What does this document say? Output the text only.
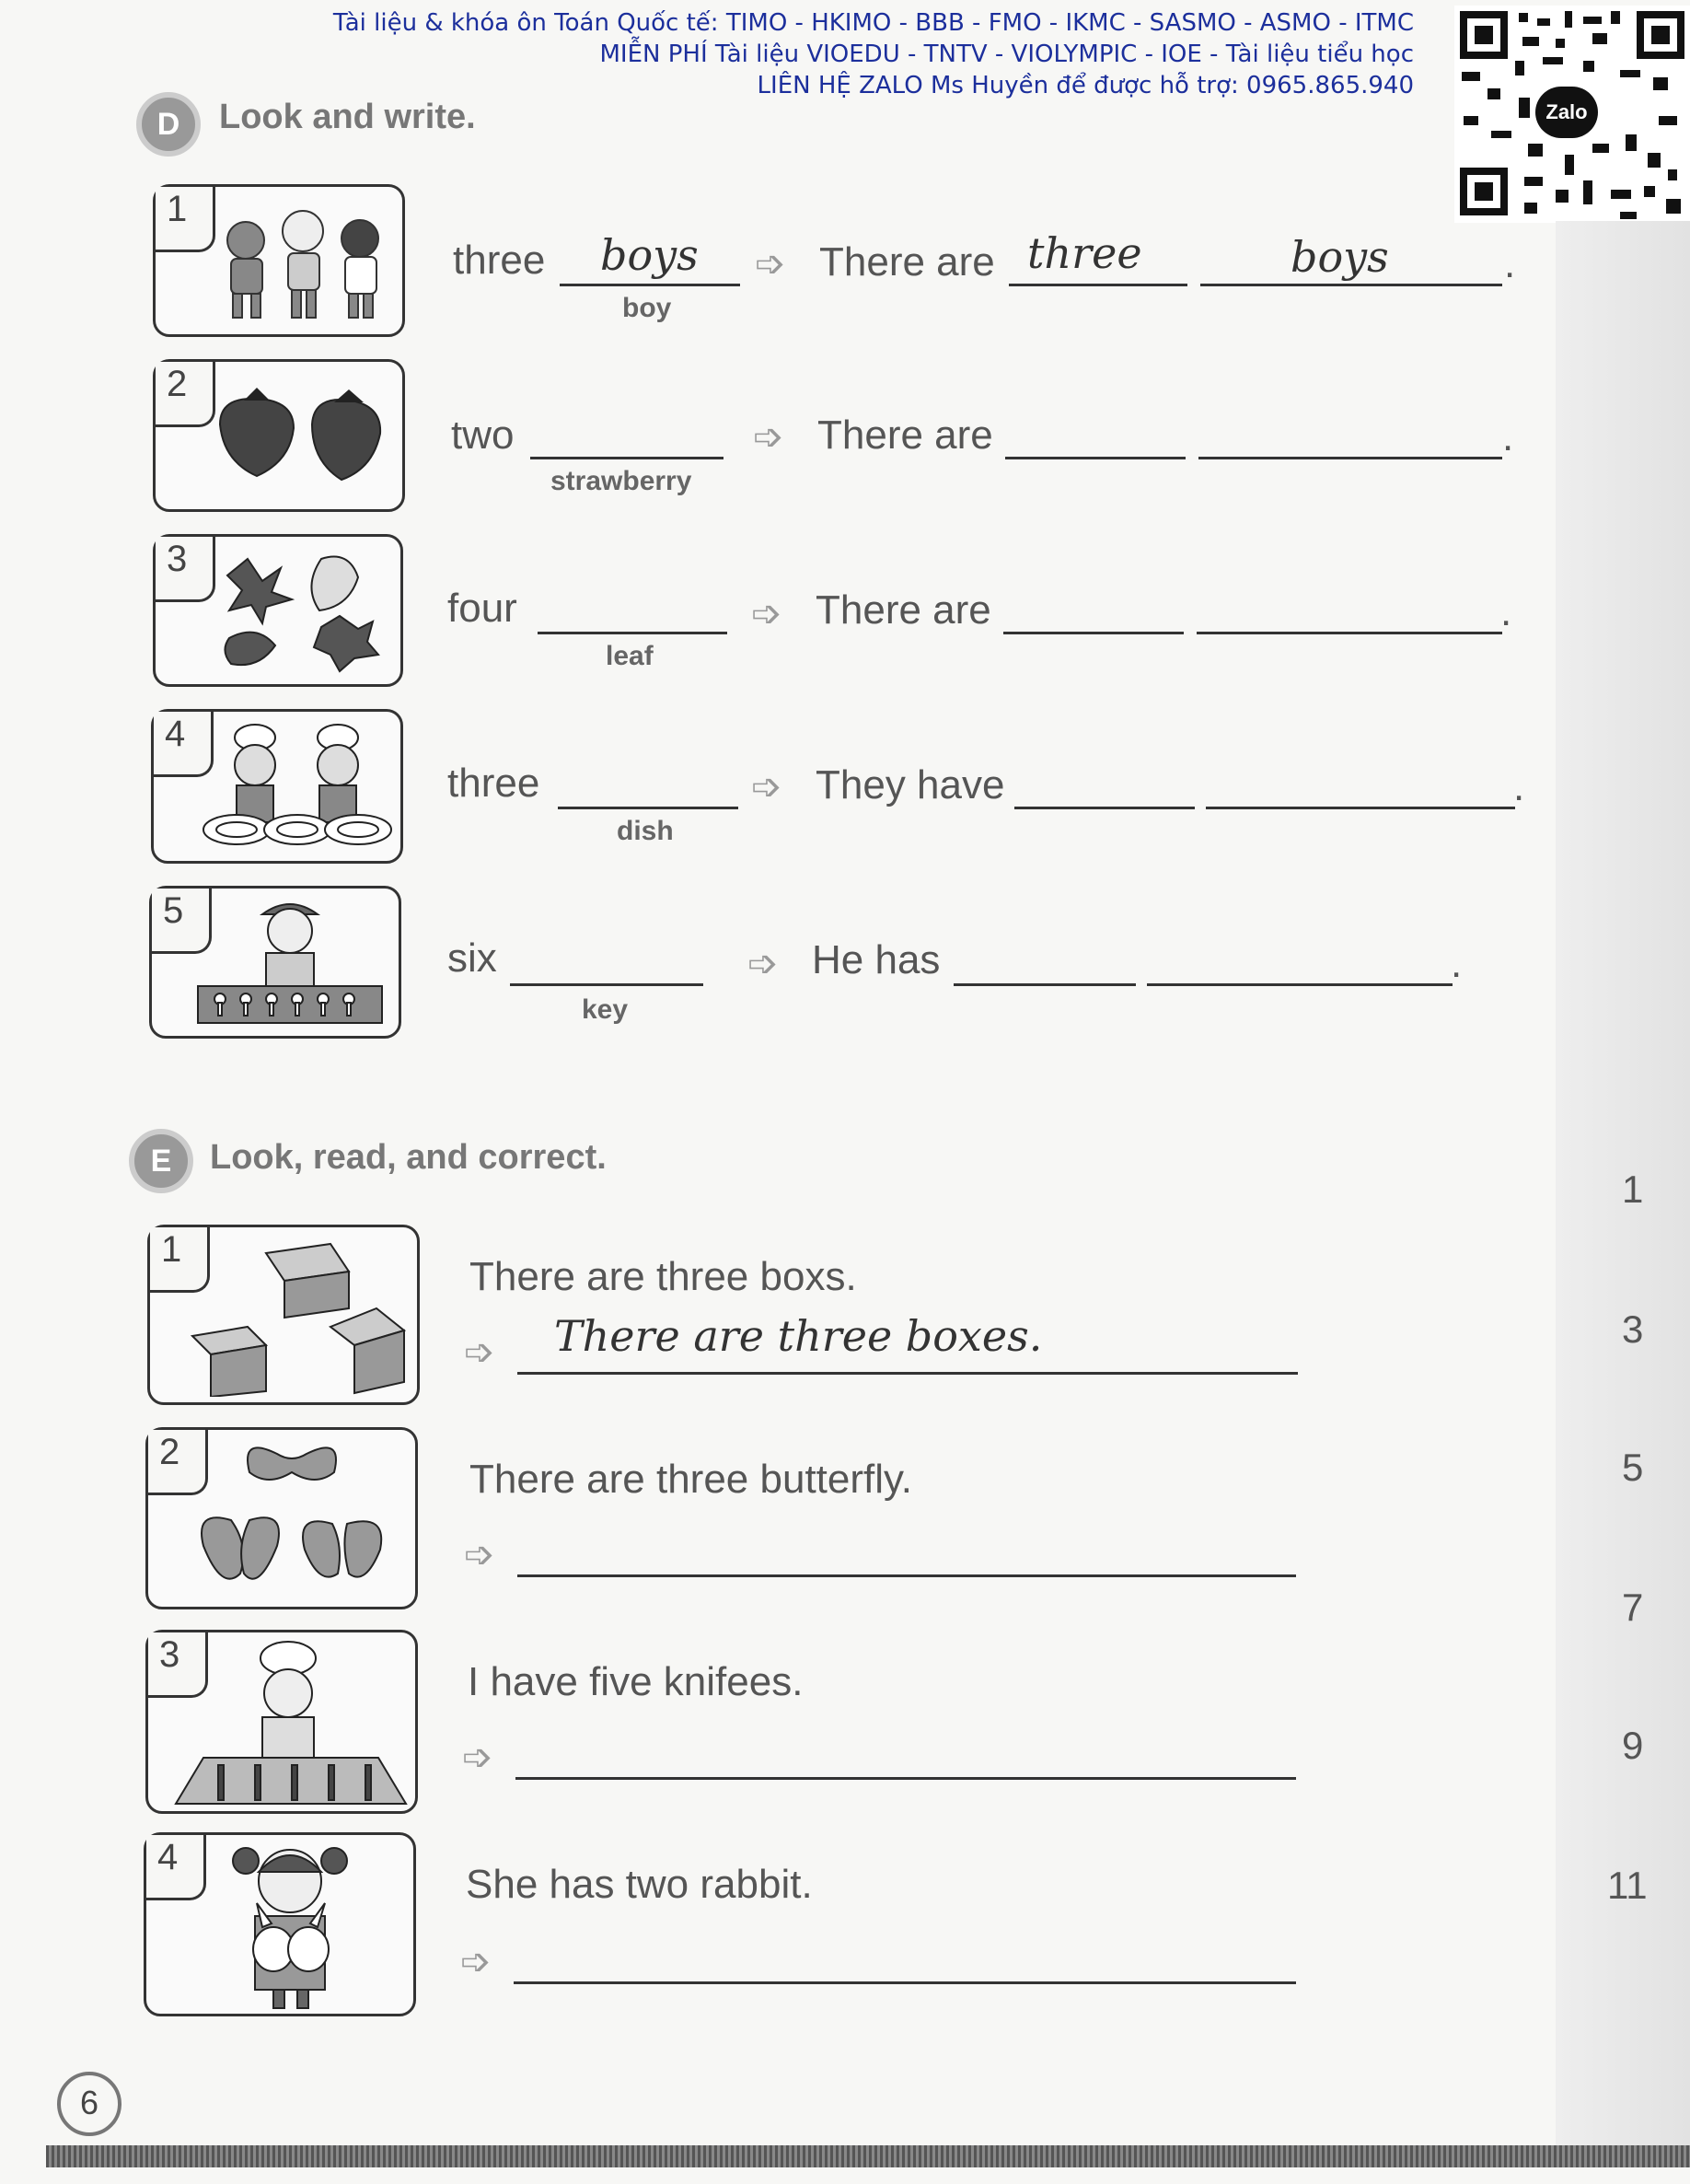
Tài liệu & khóa ôn Toán Quốc tế: TIMO - HKIMO - BBB - FMO - IKMC - SASMO - ASMO - ITMC
MIỄN PHÍ Tài liệu VIOEDU - TNTV - VIOLYMPIC - IOE - Tài liệu tiểu học
LIÊN HỆ ZALO Ms Huyền để được hỗ trợ: 0965.865.940
Zalo
1
3
5
7
9
11
D	Look and write.
1
three boys
boy
➩ There are three	boys	.
2
two
strawberry
➩ There are	.
3
four
leaf
➩ There are	.
4
three
dish
➩ They have	.
5
six
key
➩ He has	.
E	Look, read, and correct.
1
There are three boxs.
➩ There are three boxes.
2
There are three butterfly.
➩
3
I have five knifees.
➩
4
She has two rabbit.
➩
6
